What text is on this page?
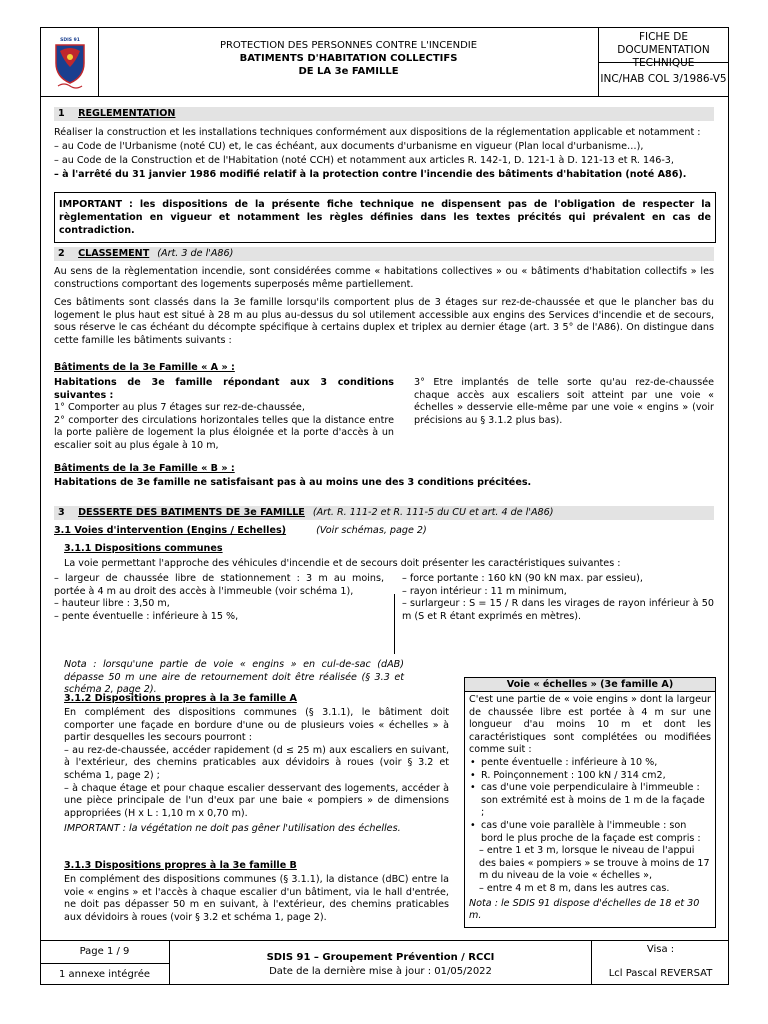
SDIS 91	PROTECTION DES PERSONNES CONTRE L'INCENDIE
BATIMENTS D'HABITATION COLLECTIFS
DE LA 3e FAMILLE
FICHE DE DOCUMENTATION TECHNIQUE
INC/HAB COL 3/1986-V5
1 REGLEMENTATION
Réaliser la construction et les installations techniques conformément aux dispositions de la réglementation applicable et notamment :
– au Code de l'Urbanisme (noté CU) et, le cas échéant, aux documents d'urbanisme en vigueur (Plan local d'urbanisme…),
– au Code de la Construction et de l'Habitation (noté CCH) et notamment aux articles R. 142-1, D. 121-1 à D. 121-13 et R. 146-3,
– à l'arrêté du 31 janvier 1986 modifié relatif à la protection contre l'incendie des bâtiments d'habitation (noté A86).
IMPORTANT : les dispositions de la présente fiche technique ne dispensent pas de l'obligation de respecter la règlementation en vigueur et notamment les règles définies dans les textes précités qui prévalent en cas de contradiction.
2 CLASSEMENT (Art. 3 de l'A86)
Au sens de la règlementation incendie, sont considérées comme « habitations collectives » ou « bâtiments d'habitation collectifs » les constructions comportant des logements superposés même partiellement.
Ces bâtiments sont classés dans la 3e famille lorsqu'ils comportent plus de 3 étages sur rez-de-chaussée et que le plancher bas du logement le plus haut est situé à 28 m au plus au-dessus du sol utilement accessible aux engins des Services d'incendie et de secours, sous réserve le cas échéant du décompte spécifique à certains duplex et triplex au dernier étage (art. 3 5° de l'A86). On distingue dans cette famille les bâtiments suivants :
Bâtiments de la 3e Famille « A » :
Habitations de 3e famille répondant aux 3 conditions suivantes :
1° Comporter au plus 7 étages sur rez-de-chaussée,
2° comporter des circulations horizontales telles que la distance entre la porte palière de logement la plus éloignée et la porte d'accès à un escalier soit au plus égale à 10 m,
3° Etre implantés de telle sorte qu'au rez-de-chaussée chaque accès aux escaliers soit atteint par une voie « échelles » desservie elle-même par une voie « engins » (voir précisions au § 3.1.2 plus bas).
Bâtiments de la 3e Famille « B » :
Habitations de 3e famille ne satisfaisant pas à au moins une des 3 conditions précitées.
3 DESSERTE DES BATIMENTS DE 3e FAMILLE (Art. R. 111-2 et R. 111-5 du CU et art. 4 de l'A86)
3.1 Voies d'intervention (Engins / Echelles)	(Voir schémas, page 2)
3.1.1 Dispositions communes
La voie permettant l'approche des véhicules d'incendie et de secours doit présenter les caractéristiques suivantes :
– largeur de chaussée libre de stationnement : 3 m au moins, portée à 4 m au droit des accès à l'immeuble (voir schéma 1),
– hauteur libre : 3,50 m,
– pente éventuelle : inférieure à 15 %,
– force portante : 160 kN (90 kN max. par essieu),
– rayon intérieur : 11 m minimum,
– surlargeur : S = 15 / R dans les virages de rayon inférieur à 50 m (S et R étant exprimés en mètres).
Nota : lorsqu'une partie de voie « engins » en cul-de-sac (dAB) dépasse 50 m une aire de retournement doit être réalisée (§ 3.3 et schéma 2, page 2).
3.1.2 Dispositions propres à la 3e famille A
En complément des dispositions communes (§ 3.1.1), le bâtiment doit comporter une façade en bordure d'une ou de plusieurs voies « échelles » à partir desquelles les secours pourront :
– au rez-de-chaussée, accéder rapidement (d ≤ 25 m) aux escaliers en suivant, à l'extérieur, des chemins praticables aux dévidoirs à roues (voir § 3.2 et schéma 1, page 2) ;
– à chaque étage et pour chaque escalier desservant des logements, accéder à une pièce principale de l'un d'eux par une baie « pompiers » de dimensions appropriées (H x L : 1,10 m x 0,70 m).
IMPORTANT : la végétation ne doit pas gêner l'utilisation des échelles.
3.1.3 Dispositions propres à la 3e famille B
En complément des dispositions communes (§ 3.1.1), la distance (dBC) entre la voie « engins » et l'accès à chaque escalier d'un bâtiment, via le hall d'entrée, ne doit pas dépasser 50 m en suivant, à l'extérieur, des chemins praticables aux dévidoirs à roues (voir § 3.2 et schéma 1, page 2).
Voie « échelles » (3e famille A)
C'est une partie de « voie engins » dont la largeur de chaussée libre est portée à 4 m sur une longueur d'au moins 10 m et dont les caractéristiques sont complétées ou modifiées comme suit :
• pente éventuelle : inférieure à 10 %,
• R. Poinçonnement : 100 kN / 314 cm2,
• cas d'une voie perpendiculaire à l'immeuble : son extrémité est à moins de 1 m de la façade ;
• cas d'une voie parallèle à l'immeuble : son bord le plus proche de la façade est compris :
– entre 1 et 3 m, lorsque le niveau de l'appui des baies « pompiers » se trouve à moins de 17 m du niveau de la voie « échelles »,
– entre 4 m et 8 m, dans les autres cas.
Nota : le SDIS 91 dispose d'échelles de 18 et 30 m.
Page 1 / 9
1 annexe intégrée
SDIS 91 – Groupement Prévention / RCCI
Date de la dernière mise à jour : 01/05/2022
Visa :
Lcl Pascal REVERSAT
